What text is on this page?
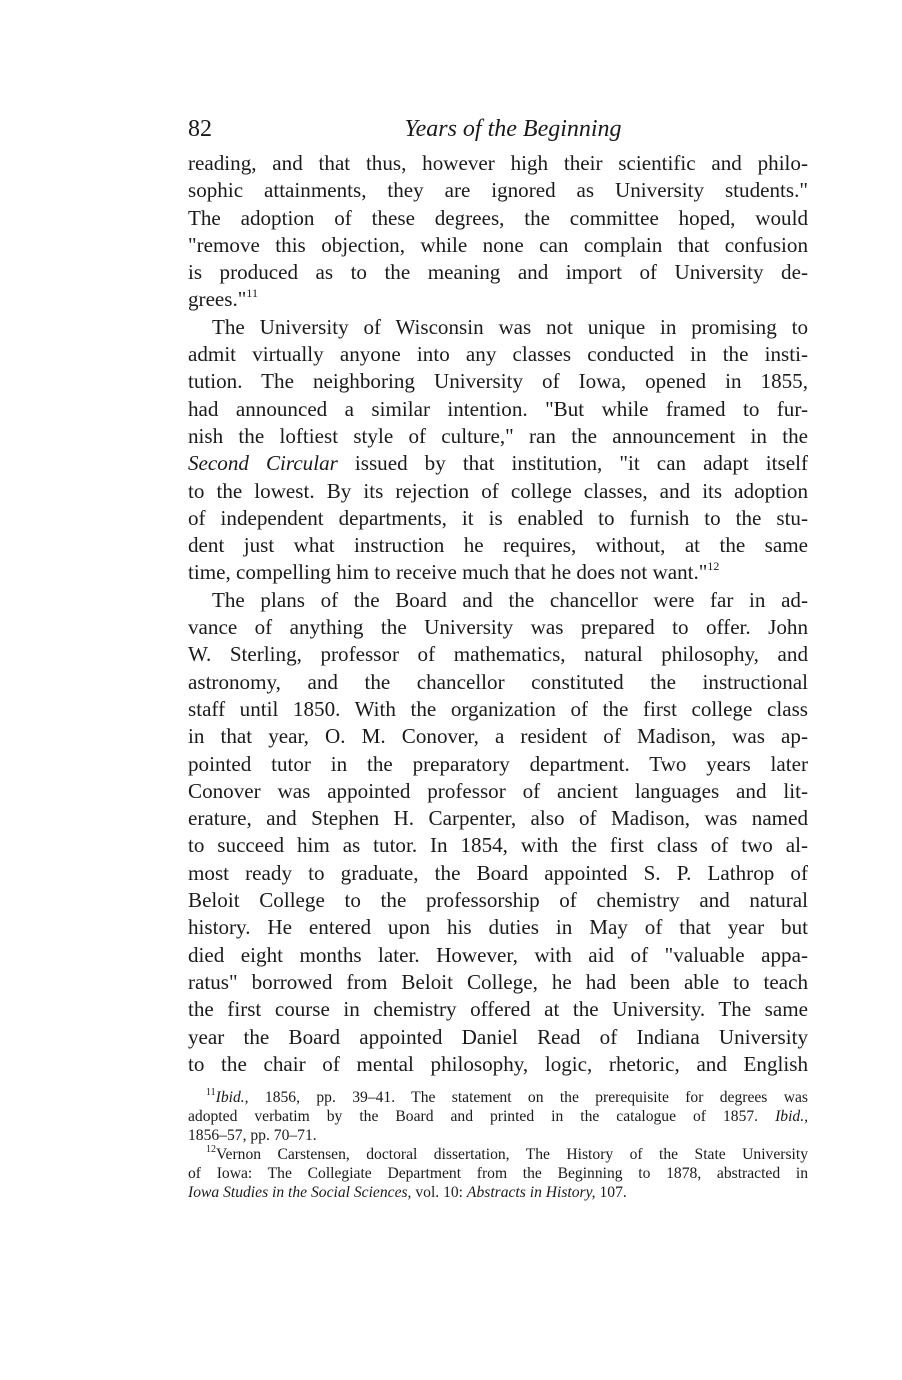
82	Years of the Beginning
reading, and that thus, however high their scientific and philo-
sophic attainments, they are ignored as University students."
The adoption of these degrees, the committee hoped, would
"remove this objection, while none can complain that confusion
is produced as to the meaning and import of University de-
grees."$^{11}$
The University of Wisconsin was not unique in promising to
admit virtually anyone into any classes conducted in the insti-
tution. The neighboring University of Iowa, opened in 1855,
had announced a similar intention. "But while framed to fur-
nish the loftiest style of culture," ran the announcement in the
Second Circular issued by that institution, "it can adapt itself
to the lowest. By its rejection of college classes, and its adoption
of independent departments, it is enabled to furnish to the stu-
dent just what instruction he requires, without, at the same
time, compelling him to receive much that he does not want."$^{12}$
The plans of the Board and the chancellor were far in ad-
vance of anything the University was prepared to offer. John
W. Sterling, professor of mathematics, natural philosophy, and
astronomy, and the chancellor constituted the instructional
staff until 1850. With the organization of the first college class
in that year, O. M. Conover, a resident of Madison, was ap-
pointed tutor in the preparatory department. Two years later
Conover was appointed professor of ancient languages and lit-
erature, and Stephen H. Carpenter, also of Madison, was named
to succeed him as tutor. In 1854, with the first class of two al-
most ready to graduate, the Board appointed S. P. Lathrop of
Beloit College to the professorship of chemistry and natural
history. He entered upon his duties in May of that year but
died eight months later. However, with aid of "valuable appa-
ratus" borrowed from Beloit College, he had been able to teach
the first course in chemistry offered at the University. The same
year the Board appointed Daniel Read of Indiana University
to the chair of mental philosophy, logic, rhetoric, and English
$^{11}$Ibid., 1856, pp. 39–41. The statement on the prerequisite for degrees was
adopted verbatim by the Board and printed in the catalogue of 1857. Ibid.,
1856–57, pp. 70–71.
$^{12}$Vernon Carstensen, doctoral dissertation, The History of the State University
of Iowa: The Collegiate Department from the Beginning to 1878, abstracted in
Iowa Studies in the Social Sciences, vol. 10: Abstracts in History, 107.
